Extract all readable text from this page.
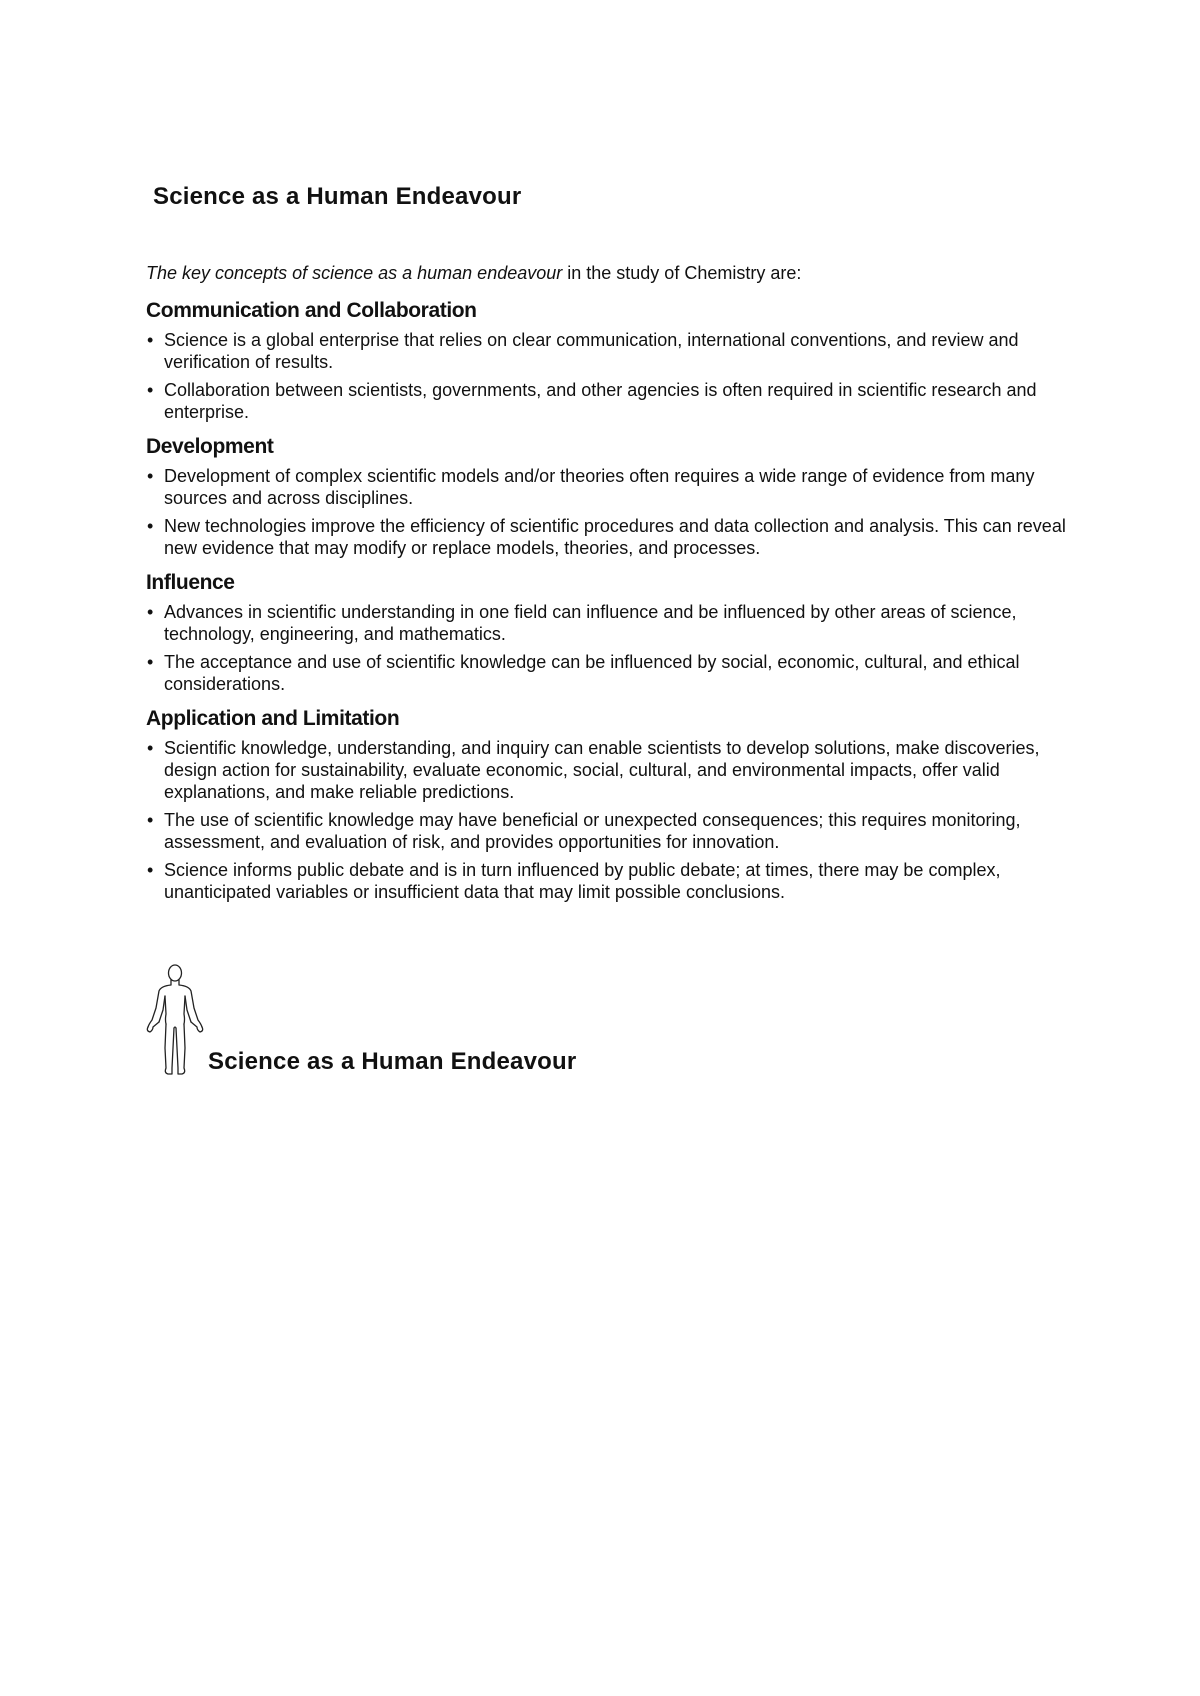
Science as a Human Endeavour

The key concepts of science as a human endeavour in the study of Chemistry are:

Communication and Collaboration
• Science is a global enterprise that relies on clear communication, international conventions, and review and verification of results.
• Collaboration between scientists, governments, and other agencies is often required in scientific research and enterprise.
Development
• Development of complex scientific models and/or theories often requires a wide range of evidence from many sources and across disciplines.
• New technologies improve the efficiency of scientific procedures and data collection and analysis. This can reveal new evidence that may modify or replace models, theories, and processes.
Influence
• Advances in scientific understanding in one field can influence and be influenced by other areas of science, technology, engineering, and mathematics.
• The acceptance and use of scientific knowledge can be influenced by social, economic, cultural, and ethical considerations.
Application and Limitation
• Scientific knowledge, understanding, and inquiry can enable scientists to develop solutions, make discoveries, design action for sustainability, evaluate economic, social, cultural, and environmental impacts, offer valid explanations, and make reliable predictions.
• The use of scientific knowledge may have beneficial or unexpected consequences; this requires monitoring, assessment, and evaluation of risk, and provides opportunities for innovation.
• Science informs public debate and is in turn influenced by public debate; at times, there may be complex, unanticipated variables or insufficient data that may limit possible conclusions.
Science as a Human Endeavour
